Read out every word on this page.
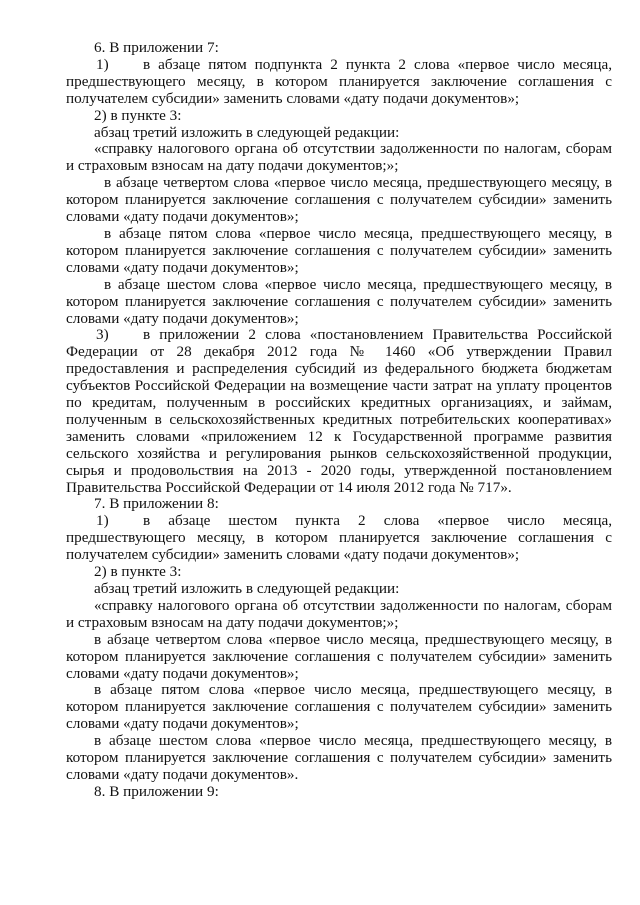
6. В приложении 7:

1) в абзаце пятом подпункта 2 пункта 2 слова «первое число месяца, предшествующего месяцу, в котором планируется заключение соглашения с получателем субсидии» заменить словами «дату подачи документов»;

2) в пункте 3:

абзац третий изложить в следующей редакции:

«справку налогового органа об отсутствии задолженности по налогам, сборам и страховым взносам на дату подачи документов;»;

в абзаце четвертом слова «первое число месяца, предшествующего месяцу, в котором планируется заключение соглашения с получателем субсидии» заменить словами «дату подачи документов»;

в абзаце пятом слова «первое число месяца, предшествующего месяцу, в котором планируется заключение соглашения с получателем субсидии» заменить словами «дату подачи документов»;

в абзаце шестом слова «первое число месяца, предшествующего месяцу, в котором планируется заключение соглашения с получателем субсидии» заменить словами «дату подачи документов»;

3) в приложении 2 слова «постановлением Правительства Российской Федерации от 28 декабря 2012 года № 1460 «Об утверждении Правил предоставления и распределения субсидий из федерального бюджета бюджетам субъектов Российской Федерации на возмещение части затрат на уплату процентов по кредитам, полученным в российских кредитных организациях, и займам, полученным в сельскохозяйственных кредитных потребительских кооперативах» заменить словами «приложением 12 к Государственной программе развития сельского хозяйства и регулирования рынков сельскохозяйственной продукции, сырья и продовольствия на 2013 - 2020 годы, утвержденной постановлением Правительства Российской Федерации от 14 июля 2012 года № 717».

7. В приложении 8:

1) в абзаце шестом пункта 2 слова «первое число месяца, предшествующего месяцу, в котором планируется заключение соглашения с получателем субсидии» заменить словами «дату подачи документов»;

2) в пункте 3:

абзац третий изложить в следующей редакции:

«справку налогового органа об отсутствии задолженности по налогам, сборам и страховым взносам на дату подачи документов;»;

в абзаце четвертом слова «первое число месяца, предшествующего месяцу, в котором планируется заключение соглашения с получателем субсидии» заменить словами «дату подачи документов»;

в абзаце пятом слова «первое число месяца, предшествующего месяцу, в котором планируется заключение соглашения с получателем субсидии» заменить словами «дату подачи документов»;

в абзаце шестом слова «первое число месяца, предшествующего месяцу, в котором планируется заключение соглашения с получателем субсидии» заменить словами «дату подачи документов».

8. В приложении 9:
